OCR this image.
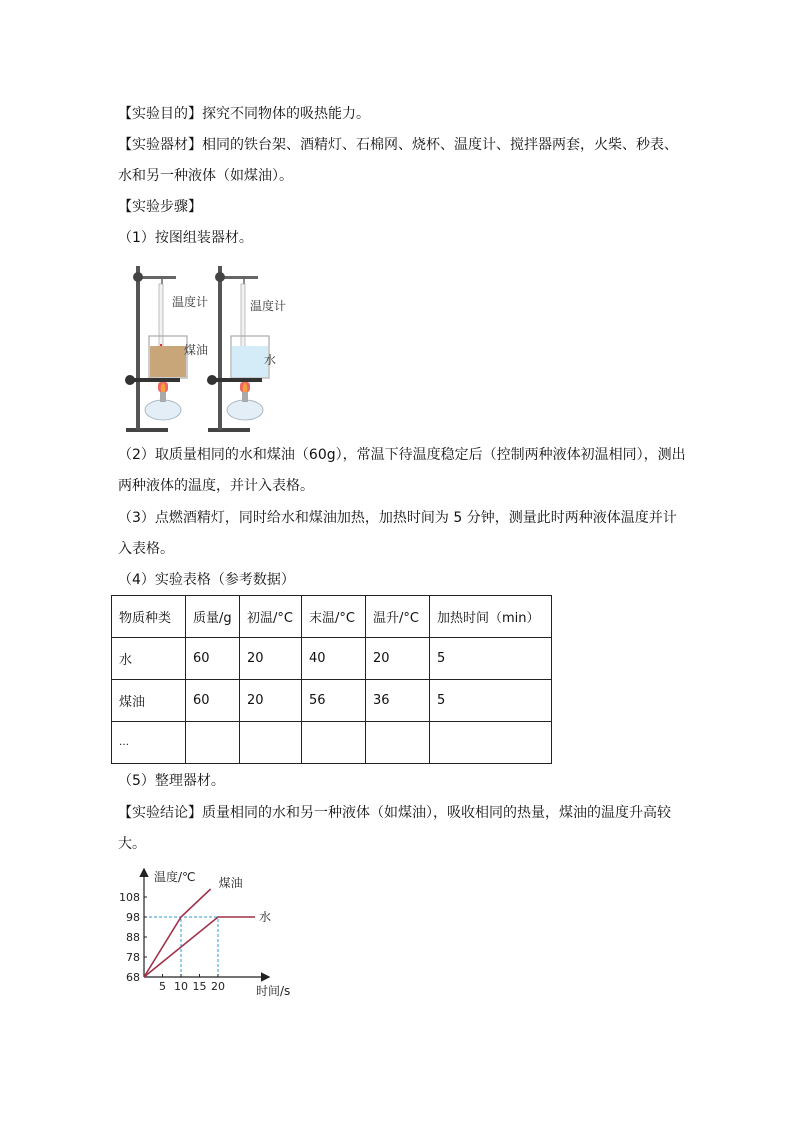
【实验目的】探究不同物体的吸热能力。
【实验器材】相同的铁台架、酒精灯、石棉网、烧杯、温度计、搅拌器两套，火柴、秒表、
水和另一种液体（如煤油）。
【实验步骤】
（1）按图组装器材。
温度计
煤油
温度计
水
（2）取质量相同的水和煤油（60g），常温下待温度稳定后（控制两种液体初温相同），测出
两种液体的温度，并计入表格。
（3）点燃酒精灯，同时给水和煤油加热，加热时间为 5 分钟，测量此时两种液体温度并计
入表格。
（4）实验表格（参考数据）
物质种类	质量/g	初温/°C	末温/°C	温升/°C	加热时间（min）
水	60	20	40	20	5
煤油	60	20	56	36	5
…					
（5）整理器材。
【实验结论】质量相同的水和另一种液体（如煤油），吸收相同的热量，煤油的温度升高较
大。
温度/℃
时间/s
68
5 10 15 20
78
88
98
108
煤油
水
